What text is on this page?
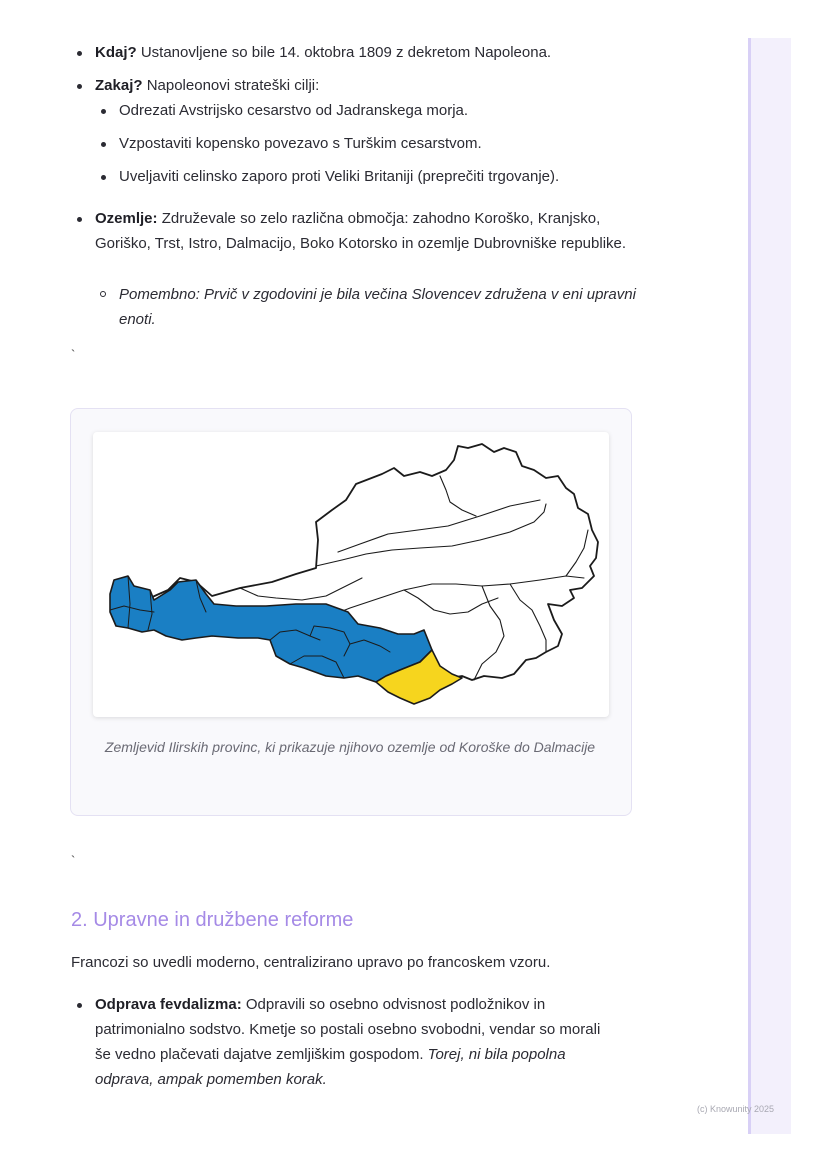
Kdaj? Ustanovljene so bile 14. oktobra 1809 z dekretom Napoleona.
Zakaj? Napoleonovi strateški cilji:
Odrezati Avstrijsko cesarstvo od Jadranskega morja.
Vzpostaviti kopensko povezavo s Turškim cesarstvom.
Uveljaviti celinsko zaporo proti Veliki Britaniji (preprečiti trgovanje).
Ozemlje: Združevale so zelo različna območja: zahodno Koroško, Kranjsko, Goriško, Trst, Istro, Dalmacijo, Boko Kotorsko in ozemlje Dubrovniške republike.
Pomembno: Prvič v zgodovini je bila večina Slovencev združena v eni upravni enoti.
`
Zemljevid Ilirskih provinc, ki prikazuje njihovo ozemlje od Koroške do Dalmacije
`
2. Upravne in družbene reforme
Francozi so uvedli moderno, centralizirano upravo po francoskem vzoru.
Odprava fevdalizma: Odpravili so osebno odvisnost podložnikov in patrimonialno sodstvo. Kmetje so postali osebno svobodni, vendar so morali še vedno plačevati dajatve zemljiškim gospodom. Torej, ni bila popolna odprava, ampak pomemben korak.
(c) Knowunity 2025
